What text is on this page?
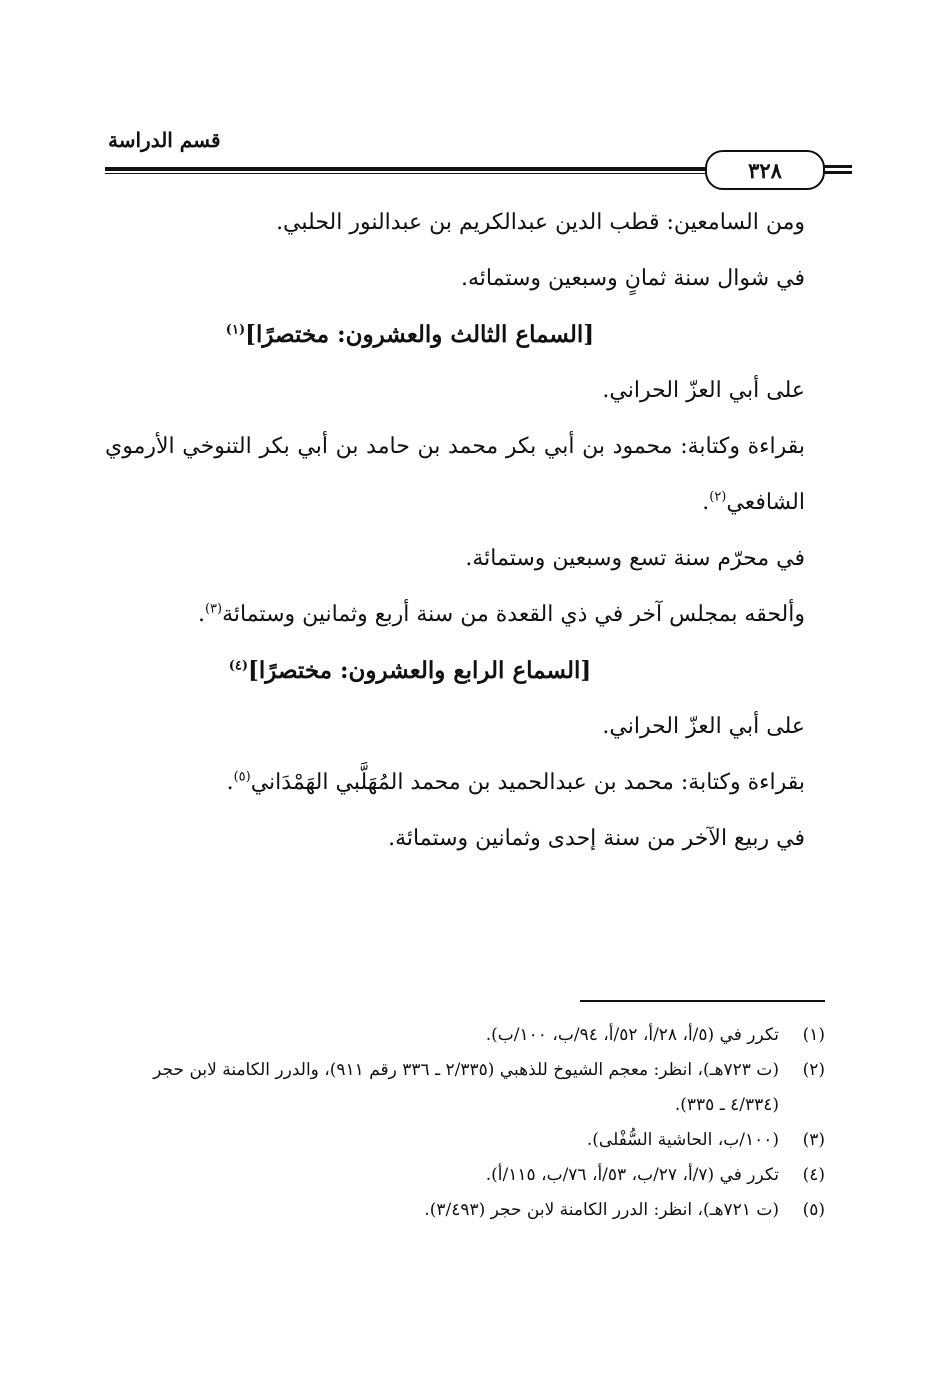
قسم الدراسة
٣٢٨

ومن السامعين: قطب الدين عبدالكريم بن عبدالنور الحلبي.

في شوال سنة ثمانٍ وسبعين وستمائه.

[السماع الثالث والعشرون: مختصرًا]$^{(١)}$

على أبي العزّ الحراني.

بقراءة وكتابة: محمود بن أبي بكر محمد بن حامد بن أبي بكر التنوخي الأرموي الشافعي$^{(٢)}$.

في محرّم سنة تسع وسبعين وستمائة.

وألحقه بمجلس آخر في ذي القعدة من سنة أربع وثمانين وستمائة$^{(٣)}$.

[السماع الرابع والعشرون: مختصرًا]$^{(٤)}$

على أبي العزّ الحراني.

بقراءة وكتابة: محمد بن عبدالحميد بن محمد المُهَلَّبي الهَمْدَاني$^{(٥)}$.

في ربيع الآخر من سنة إحدى وثمانين وستمائة.

(١)
تكرر في (٥/أ، ٢٨/أ، ٥٢/أ، ٩٤/ب، ١٠٠/ب).
(٢)
(ت ٧٢٣هـ)، انظر: معجم الشيوخ للذهبي (٢/٣٣٥ ـ ٣٣٦ رقم ٩١١)، والدرر الكامنة لابن حجر (٤/٣٣٤ ـ ٣٣٥).
(٣)
(١٠٠/ب، الحاشية السُّفْلى).
(٤)
تكرر في (٧/أ، ٢٧/ب، ٥٣/أ، ٧٦/ب، ١١٥/أ).
(٥)
(ت ٧٢١هـ)، انظر: الدرر الكامنة لابن حجر (٣/٤٩٣).
